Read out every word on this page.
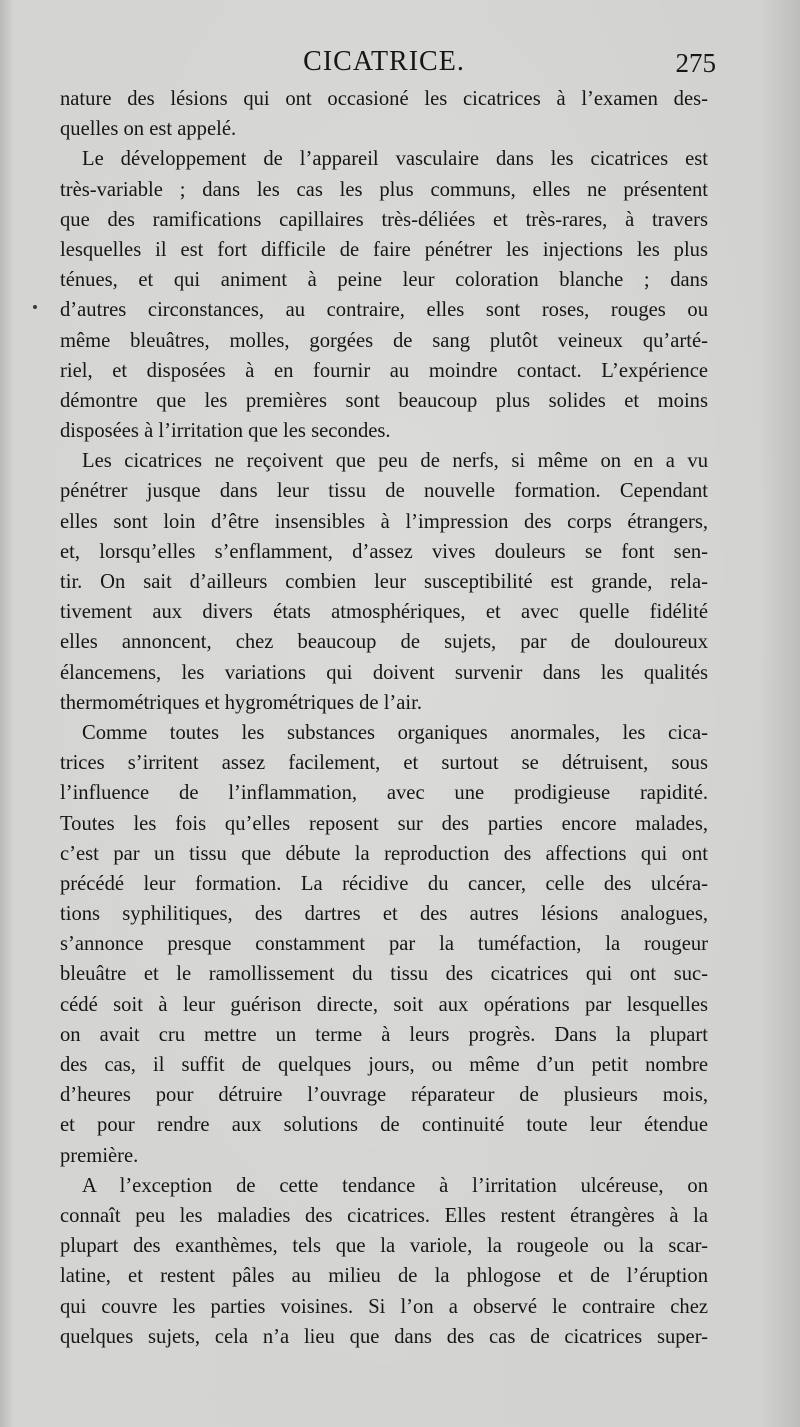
CICATRICE.	275
nature des lésions qui ont occasioné les cicatrices à l’examen des-
quelles on est appelé.
Le développement de l’appareil vasculaire dans les cicatrices est
très-variable ; dans les cas les plus communs, elles ne présentent
que des ramifications capillaires très-déliées et très-rares, à travers
lesquelles il est fort difficile de faire pénétrer les injections les plus
ténues, et qui animent à peine leur coloration blanche ; dans
d’autres circonstances, au contraire, elles sont roses, rouges ou
même bleuâtres, molles, gorgées de sang plutôt veineux qu’arté-
riel, et disposées à en fournir au moindre contact. L’expérience
démontre que les premières sont beaucoup plus solides et moins
disposées à l’irritation que les secondes.
Les cicatrices ne reçoivent que peu de nerfs, si même on en a vu
pénétrer jusque dans leur tissu de nouvelle formation. Cependant
elles sont loin d’être insensibles à l’impression des corps étrangers,
et, lorsqu’elles s’enflamment, d’assez vives douleurs se font sen-
tir. On sait d’ailleurs combien leur susceptibilité est grande, rela-
tivement aux divers états atmosphériques, et avec quelle fidélité
elles annoncent, chez beaucoup de sujets, par de douloureux
élancemens, les variations qui doivent survenir dans les qualités
thermométriques et hygrométriques de l’air.
Comme toutes les substances organiques anormales, les cica-
trices s’irritent assez facilement, et surtout se détruisent, sous
l’influence de l’inflammation, avec une prodigieuse rapidité.
Toutes les fois qu’elles reposent sur des parties encore malades,
c’est par un tissu que débute la reproduction des affections qui ont
précédé leur formation. La récidive du cancer, celle des ulcéra-
tions syphilitiques, des dartres et des autres lésions analogues,
s’annonce presque constamment par la tuméfaction, la rougeur
bleuâtre et le ramollissement du tissu des cicatrices qui ont suc-
cédé soit à leur guérison directe, soit aux opérations par lesquelles
on avait cru mettre un terme à leurs progrès. Dans la plupart
des cas, il suffit de quelques jours, ou même d’un petit nombre
d’heures pour détruire l’ouvrage réparateur de plusieurs mois,
et pour rendre aux solutions de continuité toute leur étendue
première.
A l’exception de cette tendance à l’irritation ulcéreuse, on
connaît peu les maladies des cicatrices. Elles restent étrangères à la
plupart des exanthèmes, tels que la variole, la rougeole ou la scar-
latine, et restent pâles au milieu de la phlogose et de l’éruption
qui couvre les parties voisines. Si l’on a observé le contraire chez
quelques sujets, cela n’a lieu que dans des cas de cicatrices super-
